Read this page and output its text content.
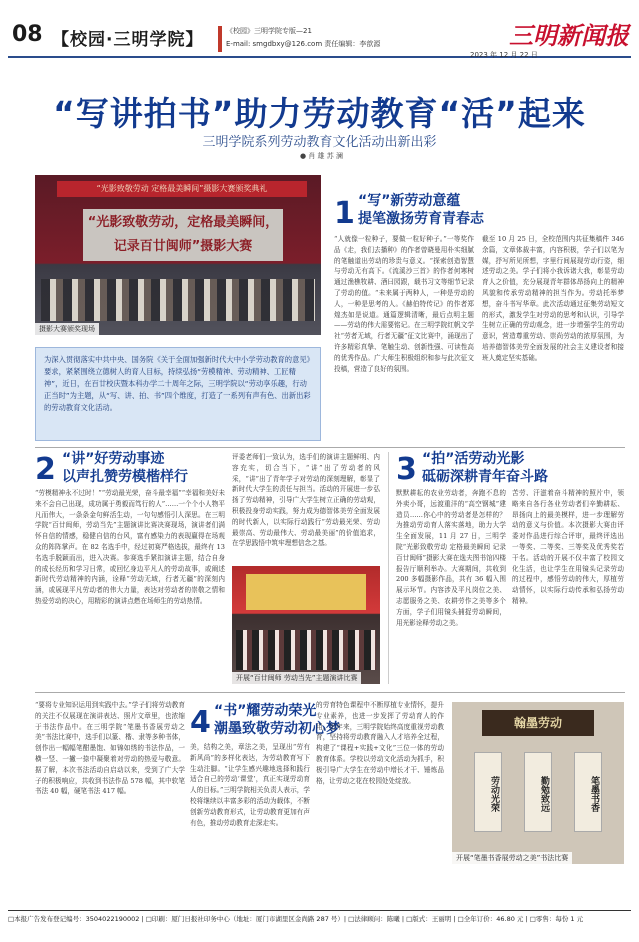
08 【校园·三明学院】	《校园》三明学院专版—21
E-mail: smgdbxy@126.com 责任编辑：李歆源
2023 年 12 月 22 日
三明新闻报
“写讲拍书”助力劳动教育“活”起来
三明学院系列劳动教育文化活动出新出彩
● 肖 雄 苏 澜
“光影致敬劳动 定格最美瞬间”摄影大赛颁奖典礼
“光影致敬劳动，定格最美瞬间，记录百廿闽师”摄影大赛
摄影大赛颁奖现场
为深入贯彻落实中共中央、国务院《关于全面加强新时代大中小学劳动教育的意见》要求，紧紧围绕立德树人的育人目标，持续弘扬“劳模精神、劳动精神、工匠精神”，近日，在百廿校庆暨本科办学二十周年之际，三明学院以“劳动享乐趣，行动正当时”为主题，从“写、讲、拍、书”四个维度，打造了一系列有声有色、出新出彩的劳动教育文化活动。
1 “写”新劳动意蕴
提笔激扬劳育青春志
“人就像一粒种子，要做一粒好种子。”一等奖作品《走，我们去播种》的作者曾晓曼用朴实细腻的笔触道出劳动的珍贵与意义。“探索创造智慧与劳动无有高下。《流溪沙三首》的作者何寒树通过渔樵牧耕、酒曰园跟，载书习文等细节记录了劳动的值。“未来属于两种人，一种是劳动的人，一种是思考的人。《赫伯特传记》的作者郑煌杰如是说道。通篇逻辑清晰，最后点明主题——劳动的伟大需要铭记。在三明学院红帆文学社“劳者无域，行者无疆”征文比赛中，涌现出了许多精彩真挚、笔触生动、创新性强、可读性高的优秀作品。广大师生积极组织和参与此次征文投稿，营造了良好的氛围。
截至 10 月 25 日，全校范围内共征集稿件 346 余篇，文章体裁丰富，内容积极，学子们以笔为媒，抒写所见所想，字里行间展现劳动行姿，细述劳动之美。学子们将小我诉诸大我，彰显劳动育人之价值，充分展现青年群体昂扬向上的精神风貌和传承劳动精神的担当作为。劳动托举梦想，奋斗书写华章。此次活动通过征集劳动短文的形式，激发学生对劳动的思考和认识，引导学生树立正确的劳动观念，进一步增强学生的劳动意识，营造尊重劳动、崇尚劳动的浓厚氛围，为培养德智体美劳全面发展的社会主义建设者和接班人奠定坚实基础。
2 “讲”好劳动事迹
以声扎赞劳模楷样行
“劳模精神永不过时！”“劳动最光荣，奋斗最幸福”“幸福和美好未来不会自己出现，成功属于勇毅而笃行的人”……一个个小人物平凡而伟大，一条条金句鲜活生动，一句句感悟引人深思。在三明学院“百廿闽师，劳动当先”主题演讲比赛决赛现场，演讲者们满怀自信的情感，稳健自信的台风，富有感染力的表现赢得在场观众的阵阵掌声。在 82 名选手中，经过初赛严格选拔，最终有 13 名选手脱颖而出，进入决赛。参赛选手紧扣演讲主题，结合自身的成长经历和学习日常，或回忆身边平凡人的劳动故事，或阐述新时代劳动精神的内涵，诠释“劳动无域，行者无疆”的深刻内涵，或展现平凡劳动者的伟大力量，表达对劳动者的崇敬之情和热爱劳动的决心，用精彩的演讲点燃在场师生的劳动热情。
评委老师们一致认为，选手们的演讲主题鲜明、内容充实，切合当下，“讲”出了劳动者的风采，“讲”出了青年学子对劳动的深刻理解，彰显了新时代大学生的责任与担当。活动的开展进一步弘扬了劳动精神，引导广大学生树立正确的劳动观，积极投身劳动实践，努力成为德智体美劳全面发展的时代新人，以实际行动践行“劳动最光荣、劳动最崇高、劳动最伟大、劳动最美丽”的价值追求，在学思践悟中筑牢理想信念之基。
开展“百廿闽师 劳动当先”主题演讲比赛
3 “拍”活劳动光影
砥砺深耕青年奋斗路
默默耕耘的农业劳动者，奔跑不息的外卖小哥，远渡重洋的“高空钢城”建造员……你心中的劳动者是怎样的？为推动劳动育人落实落地，助力大学生全面发展，11 月 27 日，三明学院“光影致敬劳动 定格最美瞬间 记录百廿闽师”摄影大赛在逸夫图书馆四楼报告厅顺利举办。大赛期间，共收到 200 多幅摄影作品，共有 36 幅入围展示环节。内容涉及平凡岗位之美、志愿服务之美、农耕劳作之美等多个方面，学子们用镜头捕捉劳动瞬间，用光影诠释劳动之美。
苦劳、汗滋着奋斗精神的照片中，领略来自各行各业劳动者们辛勤耕耘、昂扬向上的最美模样，进一步理解劳动的意义与价值。本次摄影大赛由评委对作品进行综合评审，最终评选出一等奖、二等奖、三等奖及优秀奖若干名。活动的开展不仅丰富了校园文化生活，也让学生在用镜头记录劳动的过程中，感悟劳动的伟大，厚植劳动情怀，以实际行动传承和弘扬劳动精神。
“要将专业知识运用到实践中去。”学子们将劳动教育的关注不仅展现在演讲表达、照片文章里，也浓缩于书法作品中。在三明学院“笔墨书香展劳动之美”书法比赛中，选手们以篆、楷、隶等多种书体，创作出一幅幅笔酣墨饱、如锦如绣的书法作品，一横一竖、一撇一捺中凝聚着对劳动的热爱与敬意。据了解，本次书法活动自启动以来，受到了广大学子的积极响应，共收到书法作品 578 幅，其中软笔书法 40 幅，硬笔书法 417 幅。
4 “书”耀劳动荣光
潮墨致敬劳动初心梦
美，结构之美，章法之美，呈现出“劳有新风尚”的多样化表达，为劳动教育写下生动注脚。“让学生感兴趣地选择和践行适合自己的劳动‘课堂’，真正实现劳动育人的目标。”三明学院相关负责人表示，学校将继续以丰富多彩的活动为载体，不断创新劳动教育形式，让劳动教育更加有声有色，推动劳动教育走深走实。
的劳育特色课程中不断厚植专业情怀，提升专业素养，也进一步发挥了劳动育人的作用。近年来，三明学院始终高度重视劳动教育，坚持将劳动教育融入人才培养全过程，构建了“课程+实践+文化”三位一体的劳动教育体系。学校以劳动文化活动为抓手，积极引导广大学生在劳动中增长才干、锤炼品格，让劳动之花在校园处处绽放。
翰墨劳动
劳动光荣	勤勉致远	笔墨书香
开展“笔墨书香展劳动之美”书法比赛
□本报广告发布登记编号：3504022190002 | □印刷：厦门日报社印务中心（地址：厦门市湖里区金尚路 287 号）| □法律顾问：陈曦 | □版式：王丽明 | □全年订价：46.80 元 | □零售：每份 1 元
